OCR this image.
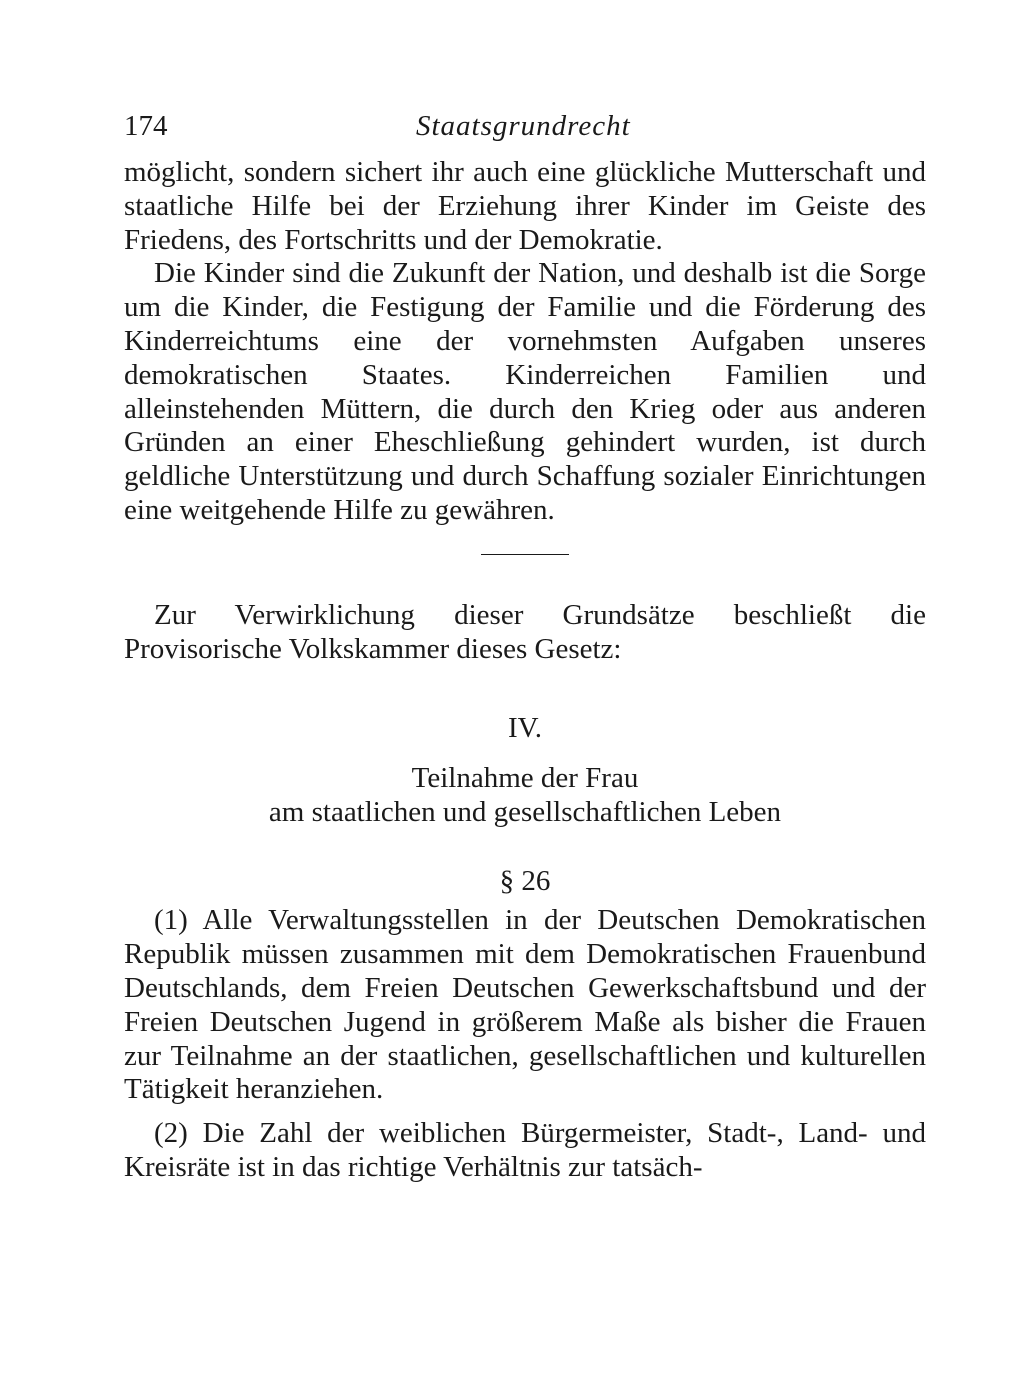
174	Staatsgrundrecht

möglicht, sondern sichert ihr auch eine glückliche Mutterschaft und staatliche Hilfe bei der Erziehung ihrer Kinder im Geiste des Friedens, des Fortschritts und der Demokratie.

Die Kinder sind die Zukunft der Nation, und deshalb ist die Sorge um die Kinder, die Festigung der Familie und die Förderung des Kinderreichtums eine der vornehmsten Aufgaben unseres demokratischen Staates. Kinderreichen Familien und alleinstehenden Müttern, die durch den Krieg oder aus anderen Gründen an einer Eheschließung gehindert wurden, ist durch geldliche Unterstützung und durch Schaffung sozialer Einrichtungen eine weitgehende Hilfe zu gewähren.

Zur Verwirklichung dieser Grundsätze beschließt die Provisorische Volkskammer dieses Gesetz:

IV.
Teilnahme der Frau
am staatlichen und gesellschaftlichen Leben
§ 26

(1) Alle Verwaltungsstellen in der Deutschen Demokratischen Republik müssen zusammen mit dem Demokratischen Frauenbund Deutschlands, dem Freien Deutschen Gewerkschaftsbund und der Freien Deutschen Jugend in größerem Maße als bisher die Frauen zur Teilnahme an der staatlichen, gesellschaftlichen und kulturellen Tätigkeit heranziehen.

(2) Die Zahl der weiblichen Bürgermeister, Stadt-, Land- und Kreisräte ist in das richtige Verhältnis zur tatsäch-
